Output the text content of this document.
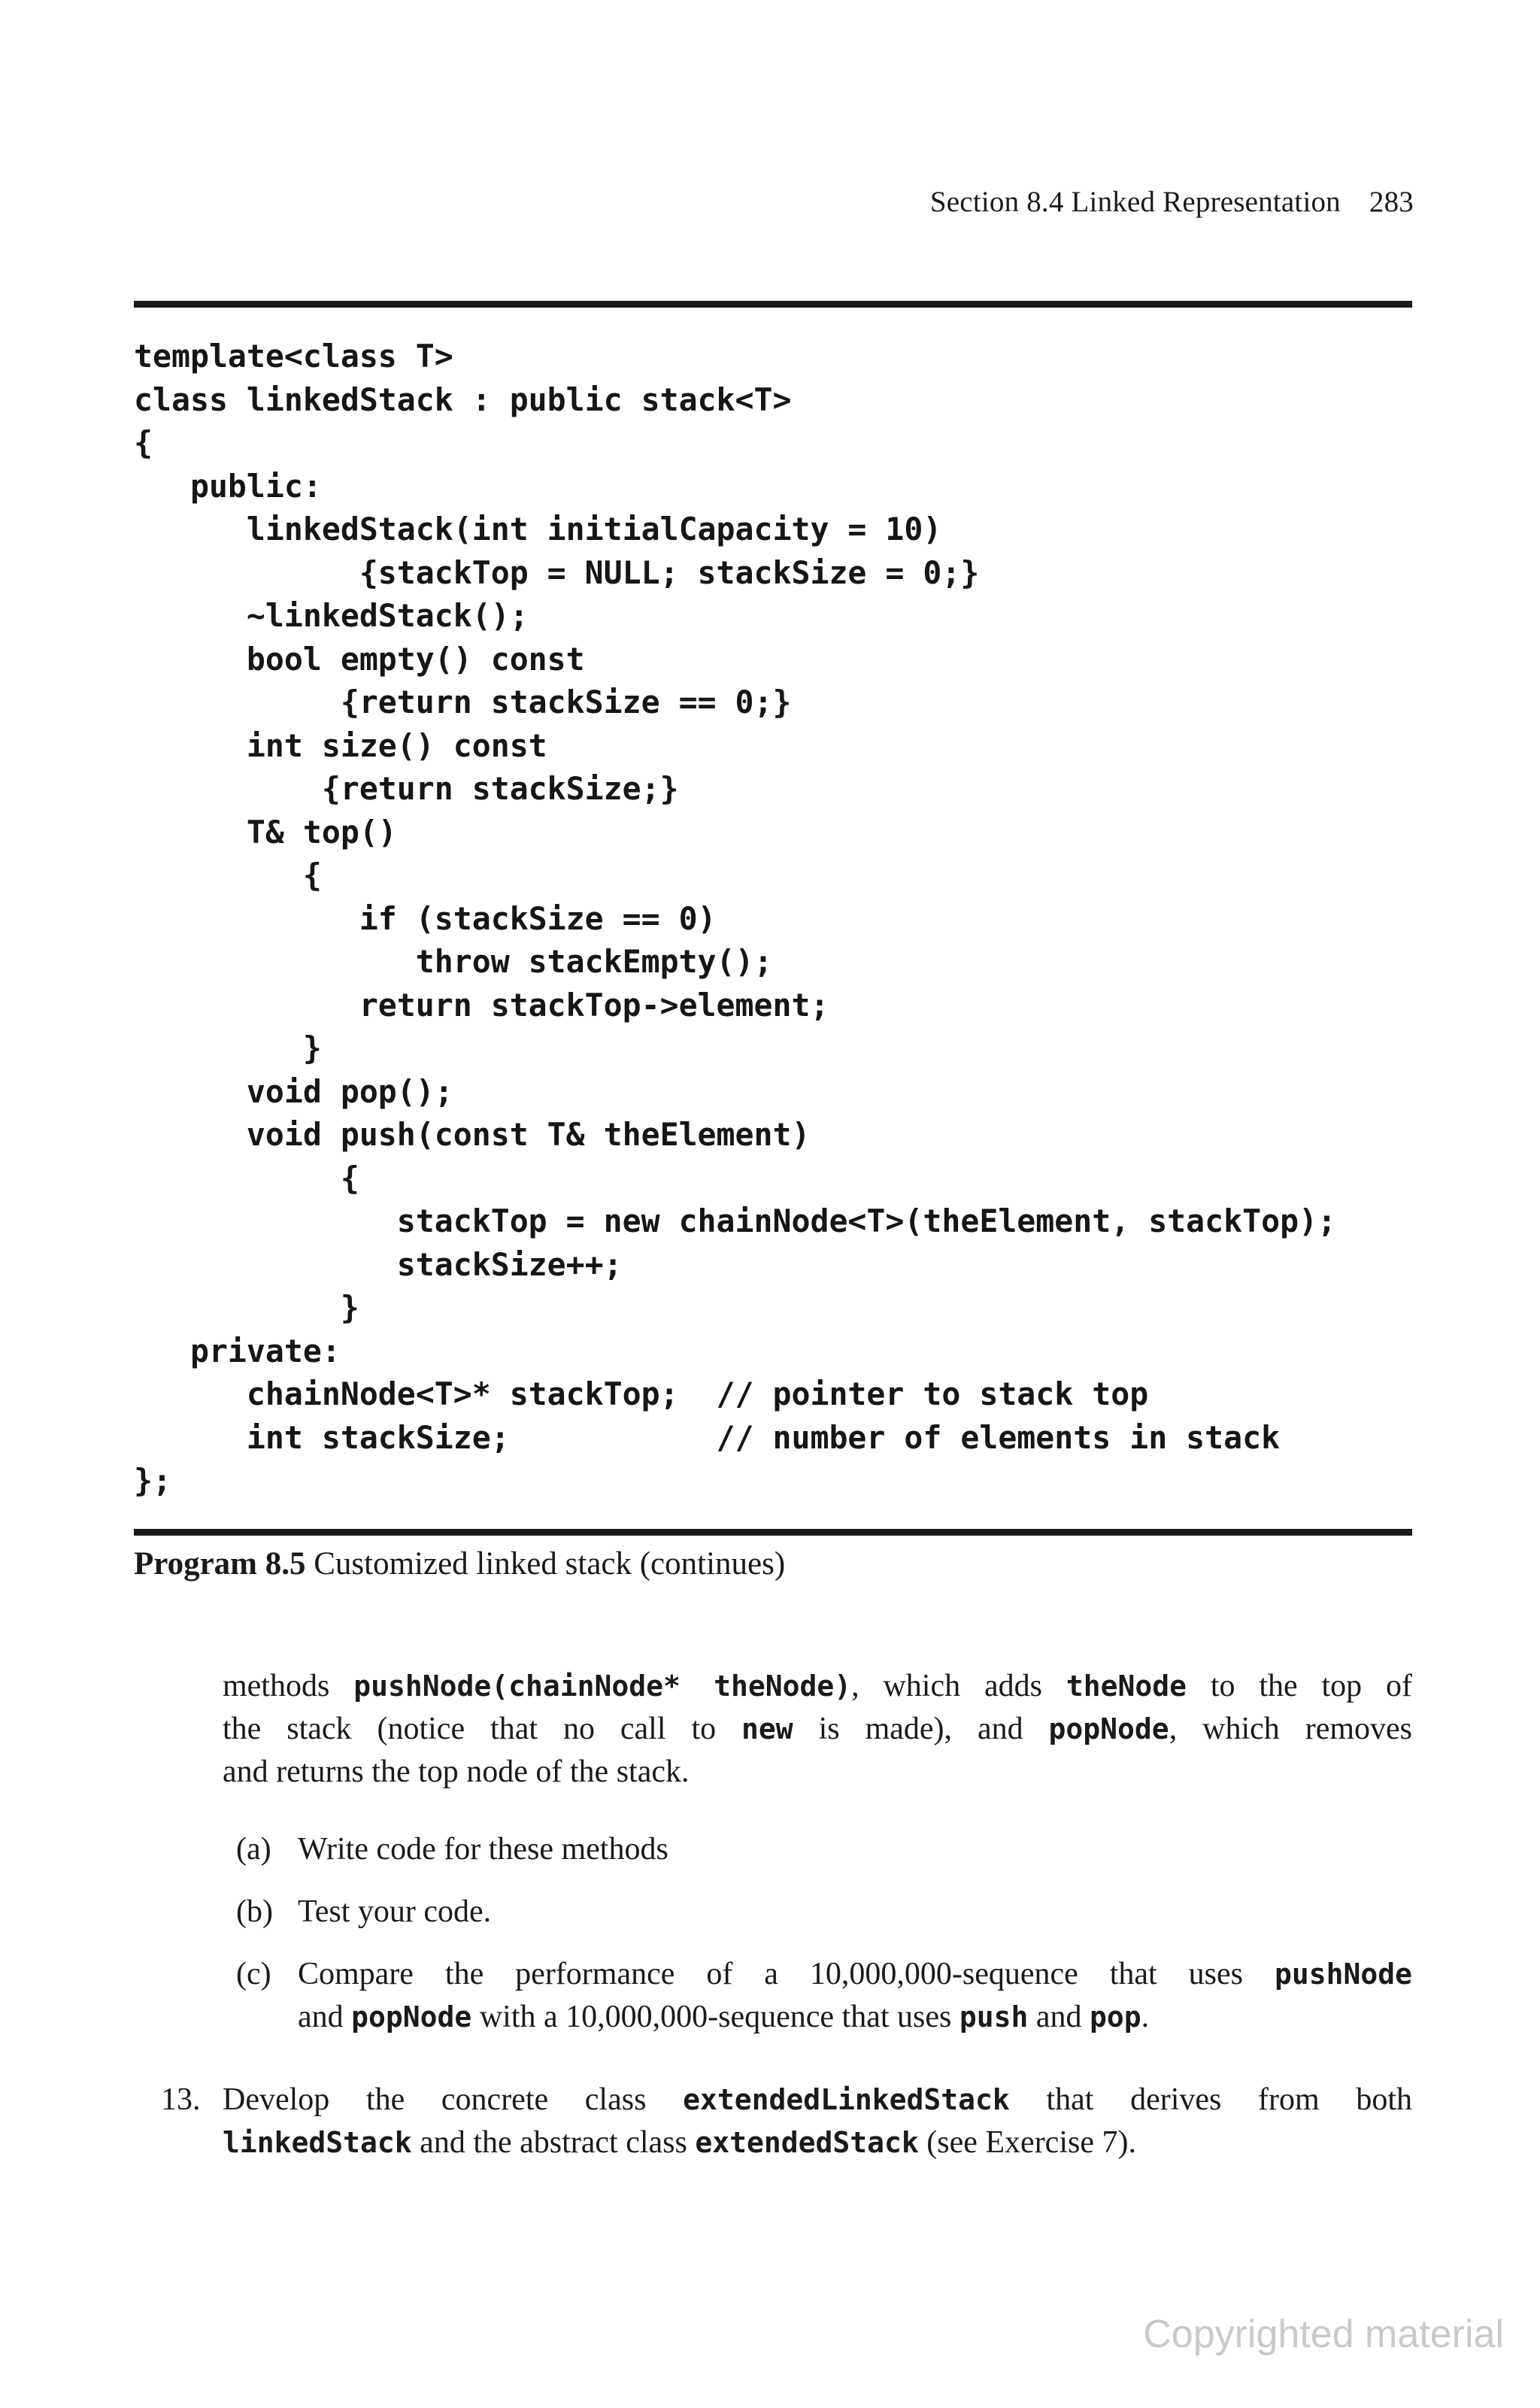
Section 8.4 Linked Representation 283
template<class T>
class linkedStack : public stack<T>
{
public:
linkedStack(int initialCapacity = 10)
{stackTop = NULL; stackSize = 0;}
~linkedStack();
bool empty() const
{return stackSize == 0;}
int size() const
{return stackSize;}
T& top()
{
if (stackSize == 0)
throw stackEmpty();
return stackTop->element;
}
void pop();
void push(const T& theElement)
{
stackTop = new chainNode<T>(theElement, stackTop);
stackSize++;
}
private:
chainNode<T>* stackTop;  // pointer to stack top
int stackSize;           // number of elements in stack
};
Program 8.5 Customized linked stack (continues)
methods pushNode(chainNode* theNode), which adds theNode to the top of
the stack (notice that no call to new is made), and popNode, which removes
and returns the top node of the stack.
(a) Write code for these methods
(b) Test your code.
(c) Compare the performance of a 10,000,000-sequence that uses pushNode
and popNode with a 10,000,000-sequence that uses push and pop.
13. Develop the concrete class extendedLinkedStack that derives from both
linkedStack and the abstract class extendedStack (see Exercise 7).
Copyrighted material
